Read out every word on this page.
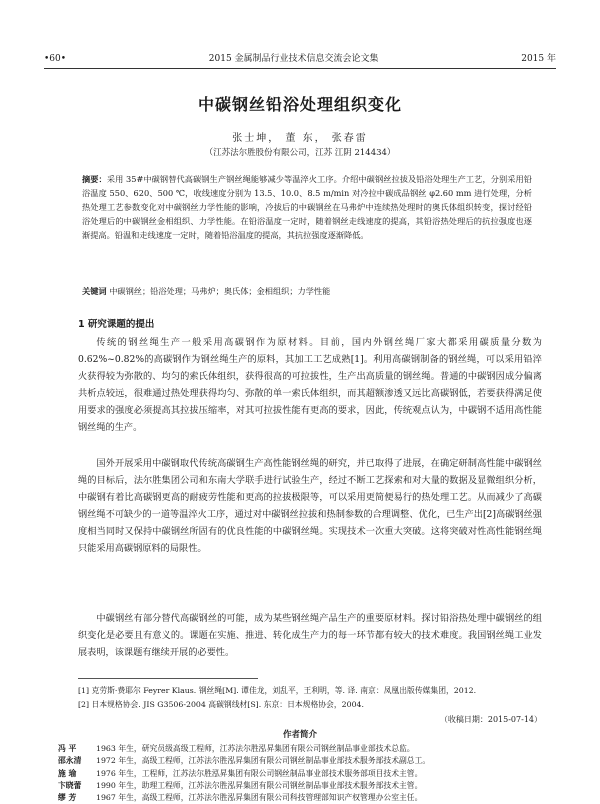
•60•	2015 金属制品行业技术信息交流会论文集	2015 年
中碳钢丝铅浴处理组织变化
张士坤， 董 东， 张春雷
（江苏法尔胜股份有限公司，江苏 江阴 214434）
摘要：采用 35#中碳钢替代高碳钢生产钢丝绳能够减少等温淬火工序。介绍中碳钢丝拉拔及铅浴处理生产工艺，分别采用铅浴温度 550、620、500 ℃，收线速度分别为 13.5、10.0、8.5 m/min 对冷拉中碳成品钢丝 φ2.60 mm 进行处理，分析热处理工艺参数变化对中碳钢丝力学性能的影响，冷拔后的中碳钢丝在马弗炉中连续热处理时的奥氏体组织转变，探讨经铅浴处理后的中碳钢丝金相组织、力学性能。在铅浴温度一定时，随着钢丝走线速度的提高，其铅浴热处理后的抗拉强度也逐渐提高。铅温和走线速度一定时，随着铅浴温度的提高，其抗拉强度逐渐降低。
关键词 中碳钢丝；铅浴处理；马弗炉；奥氏体；金相组织；力学性能
1 研究课题的提出

传统的钢丝绳生产一般采用高碳钢作为原材料。目前，国内外钢丝绳厂家大都采用碳质量分数为 0.62%~0.82%的高碳钢作为钢丝绳生产的原料，其加工工艺成熟[1]。利用高碳钢制备的钢丝绳，可以采用铅淬火获得较为弥散的、均匀的索氏体组织，获得很高的可拉拔性，生产出高质量的钢丝绳。普通的中碳钢因成分偏离共析点较远，很难通过热处理获得均匀、弥散的单一索氏体组织，而其超额渗透又远比高碳钢低，若要获得满足使用要求的强度必须提高其拉拔压缩率，对其可拉拔性能有更高的要求，因此，传统观点认为，中碳钢不适用高性能钢丝绳的生产。

国外开展采用中碳钢取代传统高碳钢生产高性能钢丝绳的研究，并已取得了进展，在确定研制高性能中碳钢丝绳的目标后，法尔胜集团公司和东南大学联手进行试验生产，经过不断工艺探索和对大量的数据及显微组织分析，中碳钢有着比高碳钢更高的耐疲劳性能和更高的拉拔极限等，可以采用更简便易行的热处理工艺。从而减少了高碳钢丝绳不可缺少的一道等温淬火工序，通过对中碳钢丝拉拔和热制参数的合理调整、优化，已生产出[2]高碳钢丝强度相当同时又保持中碳钢丝所固有的优良性能的中碳钢丝绳。实现技术一次重大突破。这将突破对性高性能钢丝绳只能采用高碳钢原料的局限性。

中碳钢丝有部分替代高碳钢丝的可能，成为某些钢丝绳产品生产的重要原材料。探讨铅浴热处理中碳钢丝的组织变化是必要且有意义的。课题在实施、推进、转化成生产力的每一环节都有较大的技术难度。我国钢丝绳工业发展表明，该课题有继续开展的必要性。

[1] 克劳斯·费耶尔 Feyrer Klaus. 钢丝绳[M]. 谭佳龙，刘乱平，王利明，等. 译. 南京：凤凰出版传媒集团，2012.
[2] 日本规格协会. JIS G3506-2004 高碳钢线材[S]. 东京：日本规格协会，2004.
（收稿日期：2015-07-14）
作者简介
冯 平	1963 年生，研究员级高级工程师，江苏法尔胜泓昇集团有限公司钢丝制品事业部技术总监。
邵永清	1972 年生，高级工程师，江苏法尔胜泓昇集团有限公司钢丝制品事业部技术服务部技术副总工。
施 瑜	1976 年生，工程师，江苏法尔胜泓昇集团有限公司钢丝制品事业部技术服务部项目技术主管。
卞晓蕾	1990 年生，助理工程师，江苏法尔胜泓昇集团有限公司钢丝制品事业部技术服务部技术主管。
缪 芳	1967 年生，高级工程师，江苏法尔胜泓昇集团有限公司科技管理部知识产权管理办公室主任。
